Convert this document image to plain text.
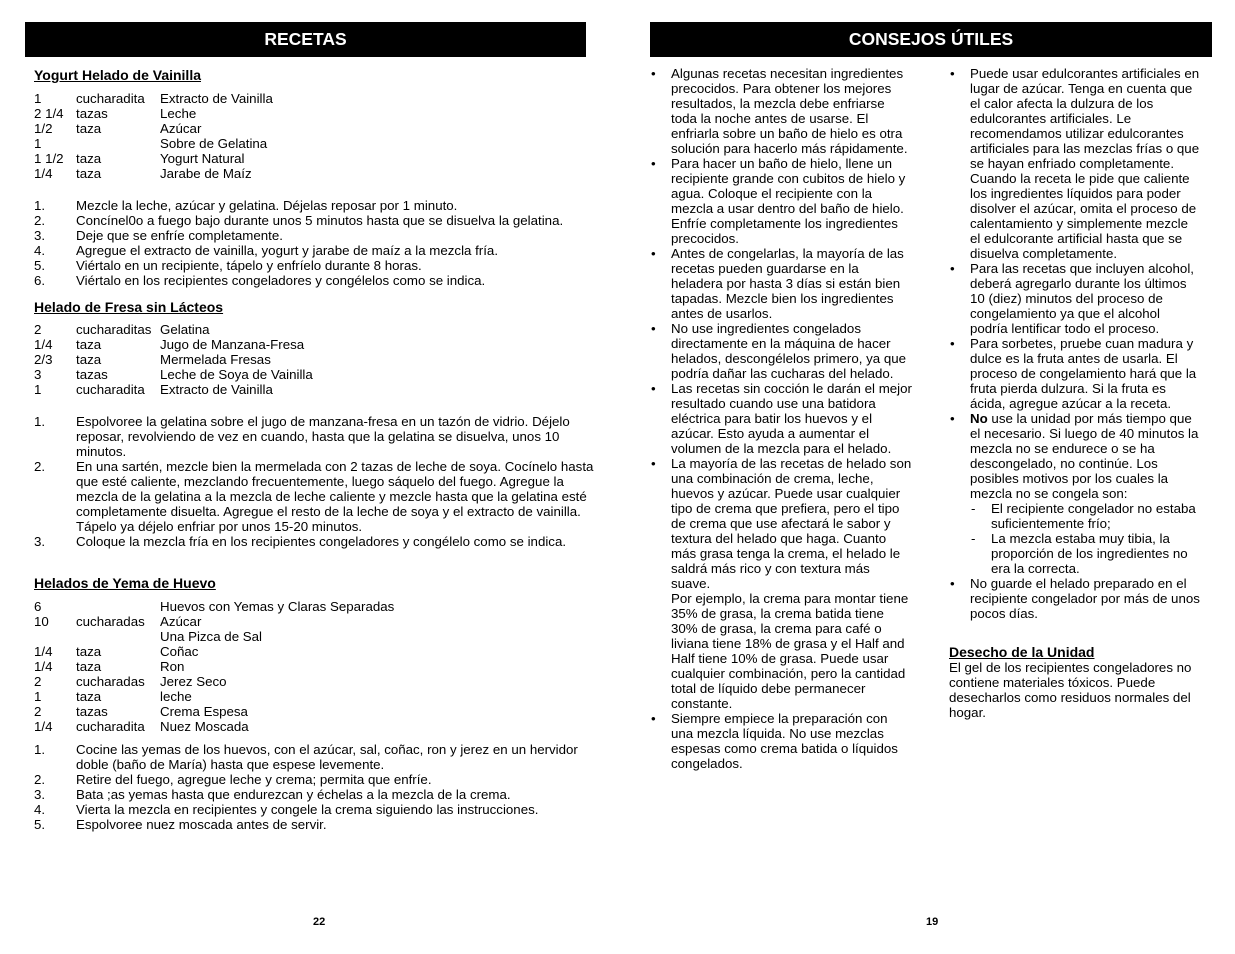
RECETAS
Yogurt Helado de Vainilla
1	cucharadita Extracto de Vainilla
2 1/4 tazas	Leche
1/2 taza	Azúcar
1	Sobre de Gelatina
1 1/2 taza	Yogurt Natural
1/4 taza	Jarabe de Maíz
1. Mezcle la leche, azúcar y gelatina. Déjelas reposar por 1 minuto.
2. Concínel0o a fuego bajo durante unos 5 minutos hasta que se disuelva la gelatina.
3. Deje que se enfríe completamente.
4. Agregue el extracto de vainilla, yogurt y jarabe de maíz a la mezcla fría.
5. Viértalo en un recipiente, tápelo y enfríelo durante 8 horas.
6. Viértalo en los recipientes congeladores y congélelos como se indica.
Helado de Fresa sin Lácteos
2	cucharaditas Gelatina
1/4 taza	Jugo de Manzana-Fresa
2/3 taza	Mermelada Fresas
3	tazas	Leche de Soya de Vainilla
1	cucharadita Extracto de Vainilla
1. Espolvoree la gelatina sobre el jugo de manzana-fresa en un tazón de vidrio. Déjelo reposar, revolviendo de vez en cuando, hasta que la gelatina se disuelva, unos 10 minutos.
2. En una sartén, mezcle bien la mermelada con 2 tazas de leche de soya. Cocínelo hasta que esté caliente, mezclando frecuentemente, luego sáquelo del fuego. Agregue la mezcla de la gelatina a la mezcla de leche caliente y mezcle hasta que la gelatina esté completamente disuelta. Agregue el resto de la leche de soya y el extracto de vainilla. Tápelo ya déjelo enfriar por unos 15-20 minutos.
3. Coloque la mezcla fría en los recipientes congeladores y congélelo como se indica.
Helados de Yema de Huevo
6	Huevos con Yemas y Claras Separadas
10 cucharadas Azúcar
Una Pizca de Sal
1/4 taza	Coñac
1/4 taza	Ron
2	cucharadas Jerez Seco
1	taza	leche
2	tazas	Crema Espesa
1/4 cucharadita Nuez Moscada
1. Cocine las yemas de los huevos, con el azúcar, sal, coñac, ron y jerez en un hervidor doble (baño de María) hasta que espese levemente.
2. Retire del fuego, agregue leche y crema; permita que enfríe.
3. Bata ;as yemas hasta que endurezcan y échelas a la mezcla de la crema.
4. Vierta la mezcla en recipientes y congele la crema siguiendo las instrucciones.
5. Espolvoree nuez moscada antes de servir.
22
CONSEJOS ÚTILES
• Algunas recetas necesitan ingredientes precocidos. Para obtener los mejores resultados, la mezcla debe enfriarse toda la noche antes de usarse. El enfriarla sobre un baño de hielo es otra solución para hacerlo más rápidamente.
• Para hacer un baño de hielo, llene un recipiente grande con cubitos de hielo y agua. Coloque el recipiente con la mezcla a usar dentro del baño de hielo. Enfríe completamente los ingredientes precocidos.
• Antes de congelarlas, la mayoría de las recetas pueden guardarse en la heladera por hasta 3 días si están bien tapadas. Mezcle bien los ingredientes antes de usarlos.
• No use ingredientes congelados directamente en la máquina de hacer helados, descongélelos primero, ya que podría dañar las cucharas del helado.
• Las recetas sin cocción le darán el mejor resultado cuando use una batidora eléctrica para batir los huevos y el azúcar. Esto ayuda a aumentar el volumen de la mezcla para el helado.
• La mayoría de las recetas de helado son una combinación de crema, leche, huevos y azúcar. Puede usar cualquier tipo de crema que prefiera, pero el tipo de crema que use afectará le sabor y textura del helado que haga. Cuanto más grasa tenga la crema, el helado le saldrá más rico y con textura más suave.
Por ejemplo, la crema para montar tiene 35% de grasa, la crema batida tiene 30% de grasa, la crema para café o liviana tiene 18% de grasa y el Half and Half tiene 10% de grasa. Puede usar cualquier combinación, pero la cantidad total de líquido debe permanecer constante.
• Siempre empiece la preparación con una mezcla líquida. No use mezclas espesas como crema batida o líquidos congelados.
• Puede usar edulcorantes artificiales en lugar de azúcar. Tenga en cuenta que el calor afecta la dulzura de los edulcorantes artificiales. Le recomendamos utilizar edulcorantes artificiales para las mezclas frías o que se hayan enfriado completamente. Cuando la receta le pide que caliente los ingredientes líquidos para poder disolver el azúcar, omita el proceso de calentamiento y simplemente mezcle el edulcorante artificial hasta que se disuelva completamente.
• Para las recetas que incluyen alcohol, deberá agregarlo durante los últimos 10 (diez) minutos del proceso de congelamiento ya que el alcohol podría lentificar todo el proceso.
• Para sorbetes, pruebe cuan madura y dulce es la fruta antes de usarla. El proceso de congelamiento hará que la fruta pierda dulzura. Si la fruta es ácida, agregue azúcar a la receta.
• No use la unidad por más tiempo que el necesario. Si luego de 40 minutos la mezcla no se endurece o se ha descongelado, no continúe. Los posibles motivos por los cuales la mezcla no se congela son:
- El recipiente congelador no estaba suficientemente frío;
- La mezcla estaba muy tibia, la proporción de los ingredientes no era la correcta.
• No guarde el helado preparado en el recipiente congelador por más de unos pocos días.
Desecho de la Unidad
El gel de los recipientes congeladores no contiene materiales tóxicos. Puede desecharlos como residuos normales del hogar.
19
